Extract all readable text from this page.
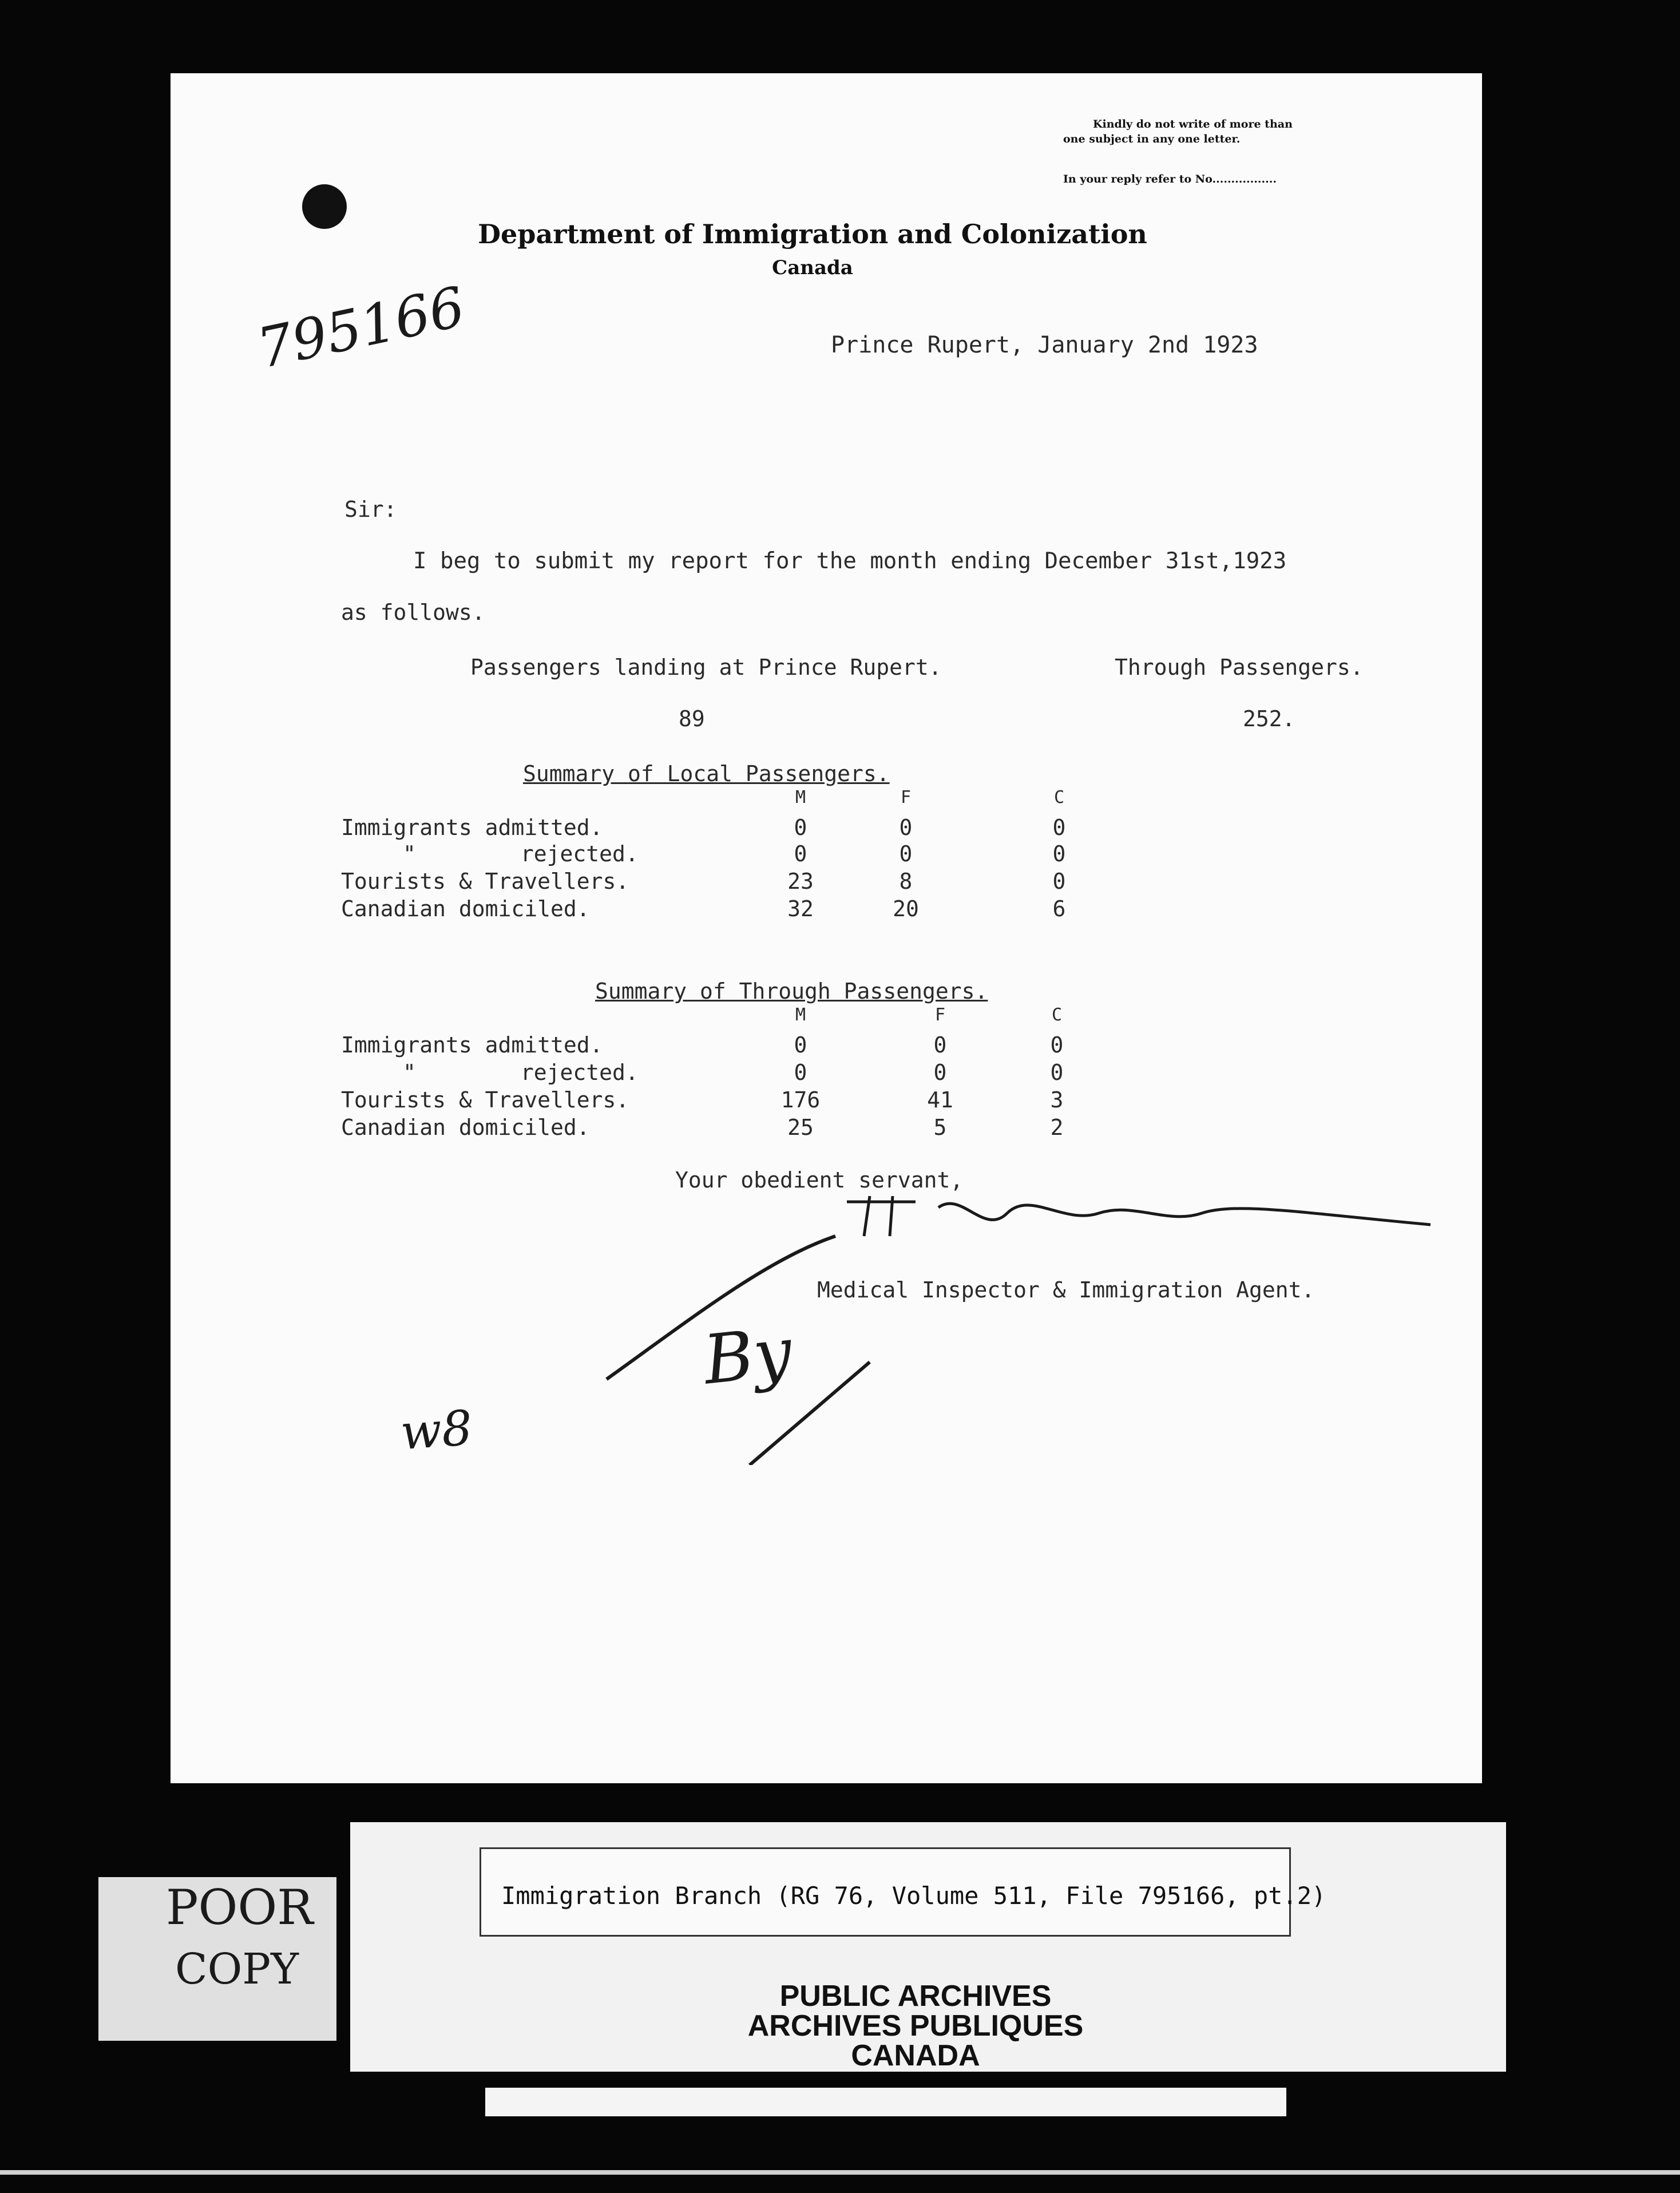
Kindly do not write of more than
one subject in any one letter.
In your reply refer to No.................
Department of Immigration and Colonization
Canada
795166	Prince Rupert, January 2nd 1923
Sir:
I beg to submit my report for the month ending December 31st,1923
as follows.
Passengers landing at Prince Rupert.	Through Passengers.
89	252.
Summary of Local Passengers.
M	F	C
Immigrants admitted.	0	0	0
"        rejected.	0	0	0
Tourists & Travellers.	23	8	0
Canadian domiciled.	32	20	6
Summary of Through Passengers.
M	F	C
Immigrants admitted.	0	0	0
"        rejected.	0	0	0
Tourists & Travellers.	176	41	3
Canadian domiciled.	25	5	2
Your obedient servant,
Medical Inspector & Immigration Agent.
By
w8
POOR
COPY
Immigration Branch (RG 76, Volume 511, File 795166, pt.2)
PUBLIC ARCHIVES
ARCHIVES PUBLIQUES
CANADA
